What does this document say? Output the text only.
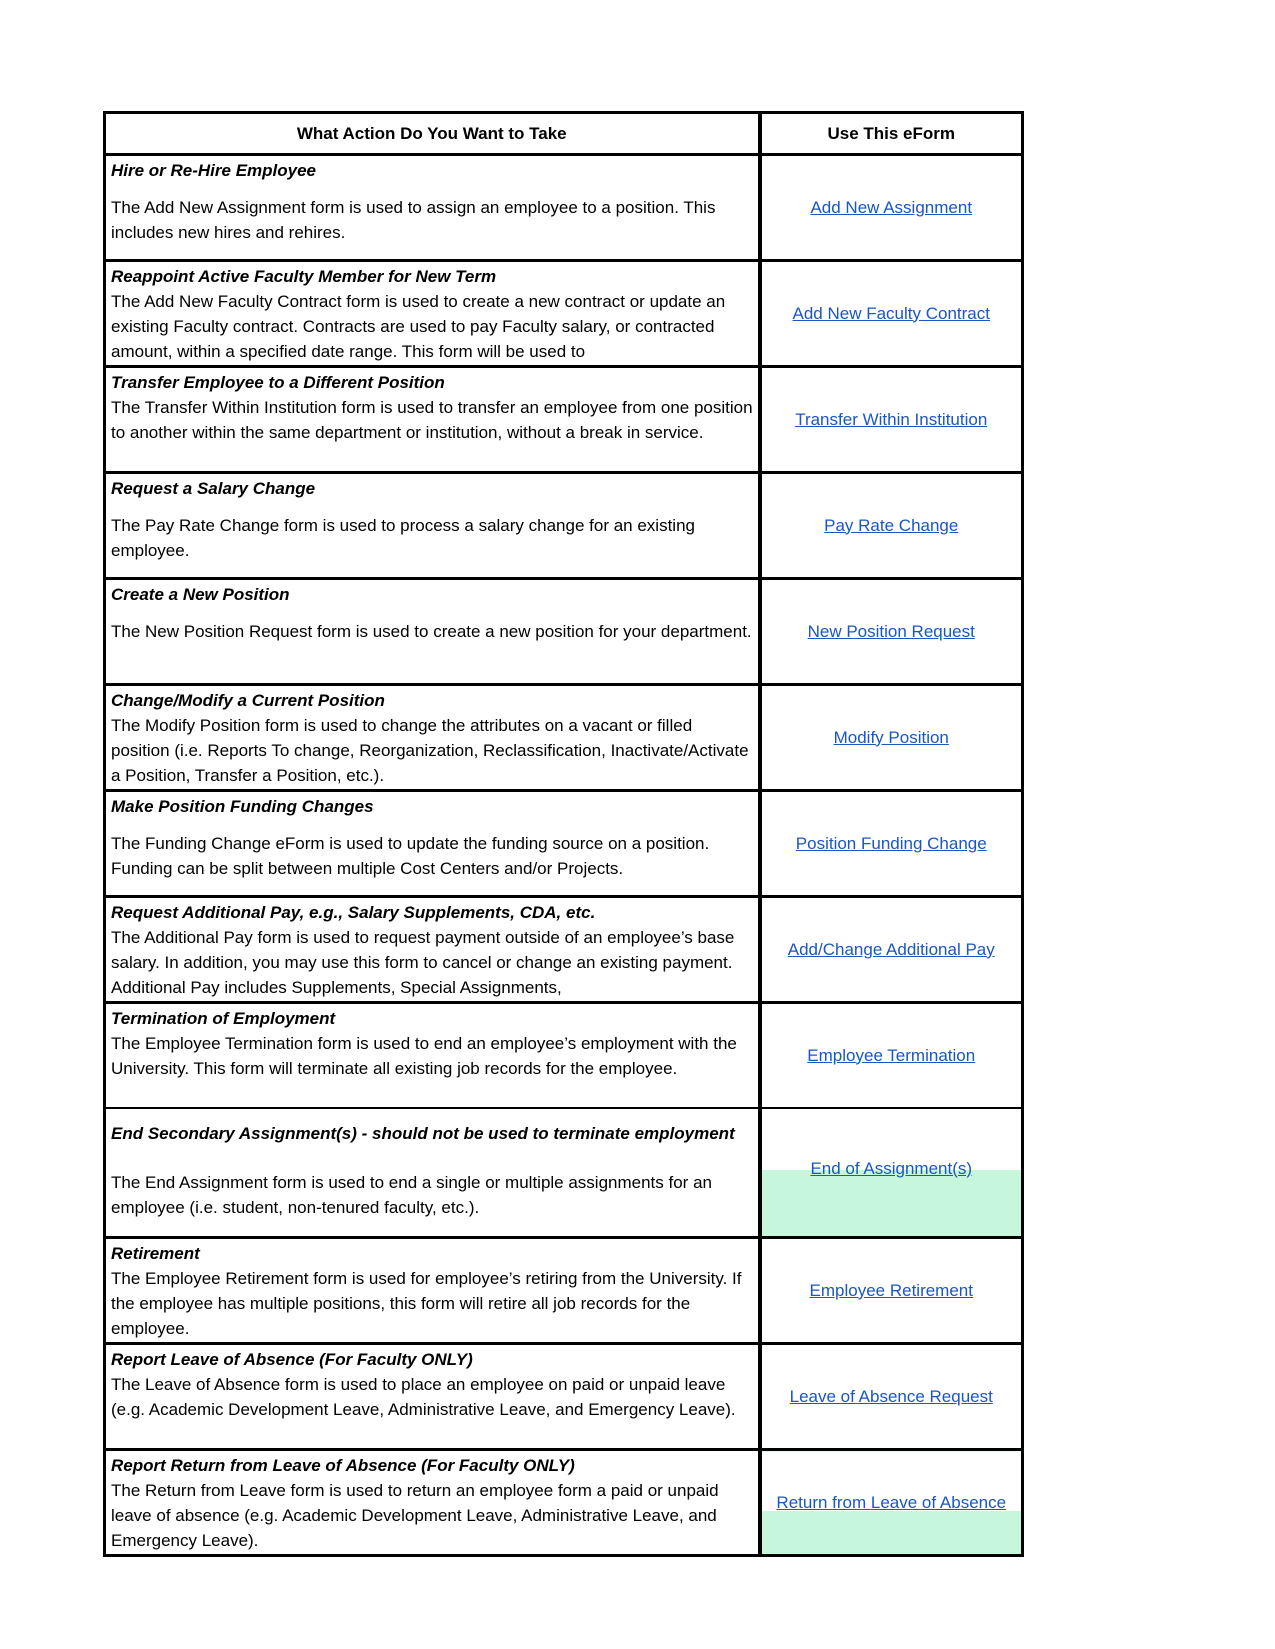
What Action Do You Want to Take	Use This eForm

Hire or Re-Hire Employee
The Add New Assignment form is used to assign an employee to a position. This includes new hires and rehires.	Add New Assignment

Reappoint Active Faculty Member for New Term
The Add New Faculty Contract form is used to create a new contract or update an existing Faculty contract. Contracts are used to pay Faculty salary, or contracted amount, within a specified date range. This form will be used to	Add New Faculty Contract

Transfer Employee to a Different Position
The Transfer Within Institution form is used to transfer an employee from one position to another within the same department or institution, without a break in service.	Transfer Within Institution

Request a Salary Change
The Pay Rate Change form is used to process a salary change for an existing employee.	Pay Rate Change

Create a New Position
The New Position Request form is used to create a new position for your department.	New Position Request

Change/Modify a Current Position
The Modify Position form is used to change the attributes on a vacant or filled position (i.e. Reports To change, Reorganization, Reclassification, Inactivate/Activate a Position, Transfer a Position, etc.).	Modify Position

Make Position Funding Changes
The Funding Change eForm is used to update the funding source on a position. Funding can be split between multiple Cost Centers and/or Projects.	Position Funding Change

Request Additional Pay, e.g., Salary Supplements, CDA, etc.
The Additional Pay form is used to request payment outside of an employee’s base salary. In addition, you may use this form to cancel or change an existing payment. Additional Pay includes Supplements, Special Assignments,	Add/Change Additional Pay

Termination of Employment
The Employee Termination form is used to end an employee’s employment with the University. This form will terminate all existing job records for the employee.	Employee Termination

End Secondary Assignment(s) - should not be used to terminate employment
The End Assignment form is used to end a single or multiple assignments for an employee (i.e. student, non-tenured faculty, etc.).	End of Assignment(s)

Retirement
The Employee Retirement form is used for employee’s retiring from the University. If the employee has multiple positions, this form will retire all job records for the employee.	Employee Retirement

Report Leave of Absence (For Faculty ONLY)
The Leave of Absence form is used to place an employee on paid or unpaid leave (e.g. Academic Development Leave, Administrative Leave, and Emergency Leave).	Leave of Absence Request

Report Return from Leave of Absence (For Faculty ONLY)
The Return from Leave form is used to return an employee form a paid or unpaid leave of absence (e.g. Academic Development Leave, Administrative Leave, and Emergency Leave).	Return from Leave of Absence
